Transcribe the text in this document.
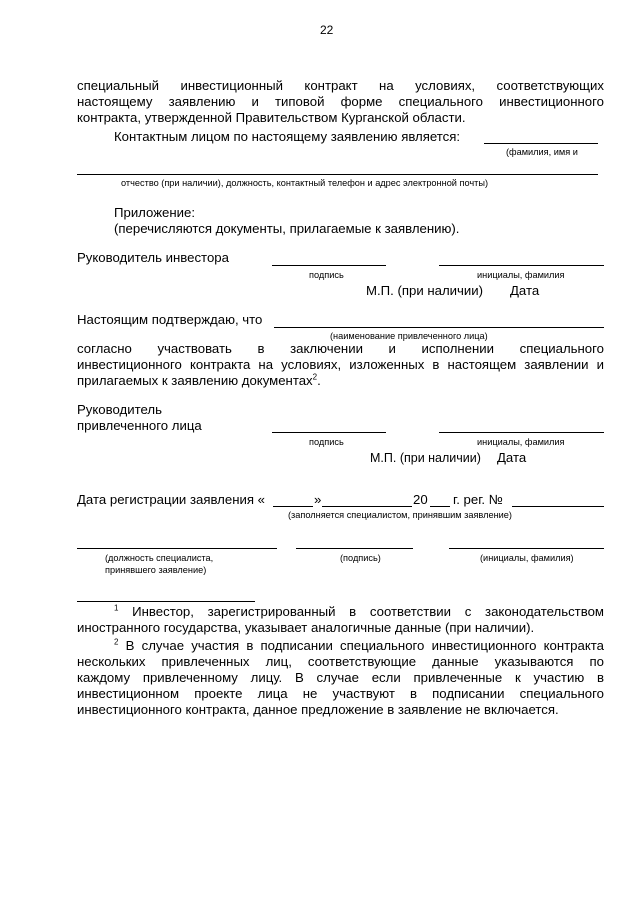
22
специальный инвестиционный контракт на условиях, соответствующих
настоящему заявлению и типовой форме специального инвестиционного
контракта, утвержденной Правительством Курганской области.
Контактным лицом по настоящему заявлению является:
(фамилия, имя и
отчество (при наличии), должность, контактный телефон и адрес электронной почты)
Приложение:
(перечисляются документы, прилагаемые к заявлению).
Руководитель инвестора
подпись	инициалы, фамилия
М.П. (при наличии) Дата
Настоящим подтверждаю, что
(наименование привлеченного лица)
согласно участвовать в заключении и исполнении специального
инвестиционного контракта на условиях, изложенных в настоящем заявлении и
прилагаемых к заявлению документах$^2$.
Руководитель
привлеченного лица
подпись	инициалы, фамилия
М.П. (при наличии) Дата
Дата регистрации заявления «	»	20 г. рег. №
(заполняется специалистом, принявшим заявление)
(должность специалиста,
принявшего заявление)
(подпись)	(инициалы, фамилия)
$^1$ Инвестор, зарегистрированный в соответствии с законодательством
иностранного государства, указывает аналогичные данные (при наличии).
$^2$ В случае участия в подписании специального инвестиционного контракта
нескольких привлеченных лиц, соответствующие данные указываются по
каждому привлеченному лицу. В случае если привлеченные к участию в
инвестиционном проекте лица не участвуют в подписании специального
инвестиционного контракта, данное предложение в заявление не включается.
